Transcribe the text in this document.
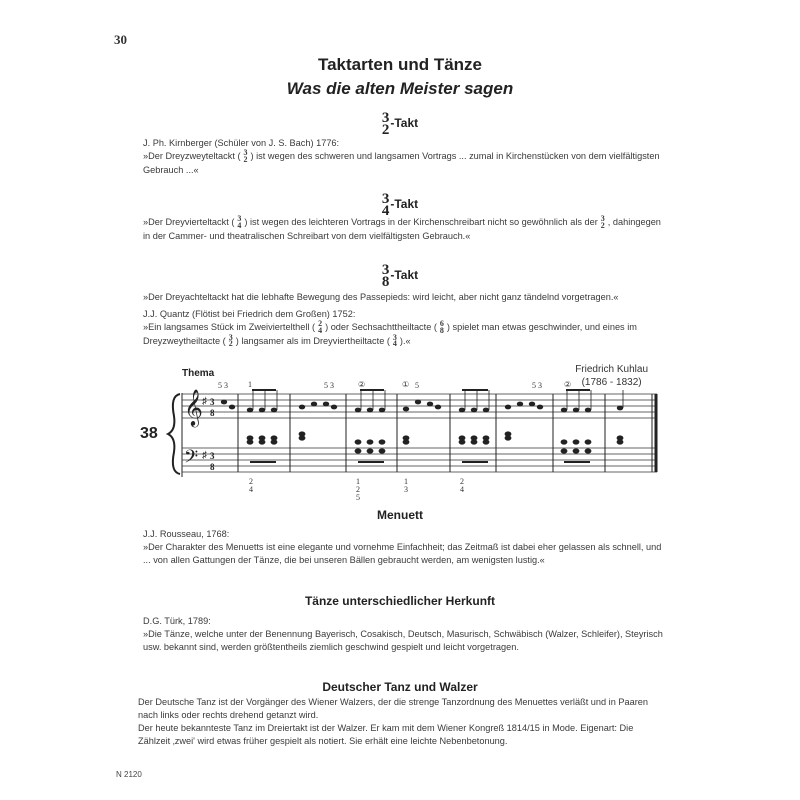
30
Taktarten und Tänze
Was die alten Meister sagen
3
2 -Takt
J. Ph. Kirnberger (Schüler von J. S. Bach) 1776:
»Der Dreyzweyteltackt ( 3
2 ) ist wegen des schweren und langsamen Vortrags ... zumal in Kirchenstücken von dem vielfältigsten Gebrauch ...«
3
4 -Takt
»Der Dreyvierteltackt ( 3
4 ) ist wegen des leichteren Vortrags in der Kirchenschreibart nicht so gewöhnlich als der 3
2 , dahingegen in der Cammer- und theatralischen Schreibart von dem vielfältigsten Gebrauch.«
3
8 -Takt
»Der Dreyachteltackt hat die lebhafte Bewegung des Passepieds: wird leicht, aber nicht ganz tändelnd vorgetragen.«
J.J. Quantz (Flötist bei Friedrich dem Großen) 1752:
»Ein langsames Stück im Zweiviertelthell ( 2
4 ) oder Sechsachttheiltacte ( 6
8 ) spielet man etwas geschwinder, und eines im Dreyzweytheiltacte ( 3
2 ) langsamer als im Dreyviertheiltacte ( 3
4 ).«
Friedrich Kuhlau
(1786 - 1832)
Thema
38
𝄞
𝄢
♯
♯
3
8
3
8
5 3	1	5 3	②	① 5	5 3	②
2
4
1
2
5
1
3
2
4
Menuett
J.J. Rousseau, 1768:
»Der Charakter des Menuetts ist eine elegante und vornehme Einfachheit; das Zeitmaß ist dabei eher gelassen als schnell, und ... von allen Gattungen der Tänze, die bei unseren Bällen gebraucht werden, am wenigsten lustig.«
Tänze unterschiedlicher Herkunft
D.G. Türk, 1789:
»Die Tänze, welche unter der Benennung Bayerisch, Cosakisch, Deutsch, Masurisch, Schwäbisch (Walzer, Schleifer), Steyrisch usw. bekannt sind, werden größtentheils ziemlich geschwind gespielt und leicht vorgetragen.
Deutscher Tanz und Walzer
Der Deutsche Tanz ist der Vorgänger des Wiener Walzers, der die strenge Tanzordnung des Menuettes verläßt und in Paaren nach links oder rechts drehend getanzt wird.
Der heute bekannteste Tanz im Dreiertakt ist der Walzer. Er kam mit dem Wiener Kongreß 1814/15 in Mode. Eigenart: Die Zählzeit ‚zwei' wird etwas früher gespielt als notiert. Sie erhält eine leichte Nebenbetonung.
N 2120
